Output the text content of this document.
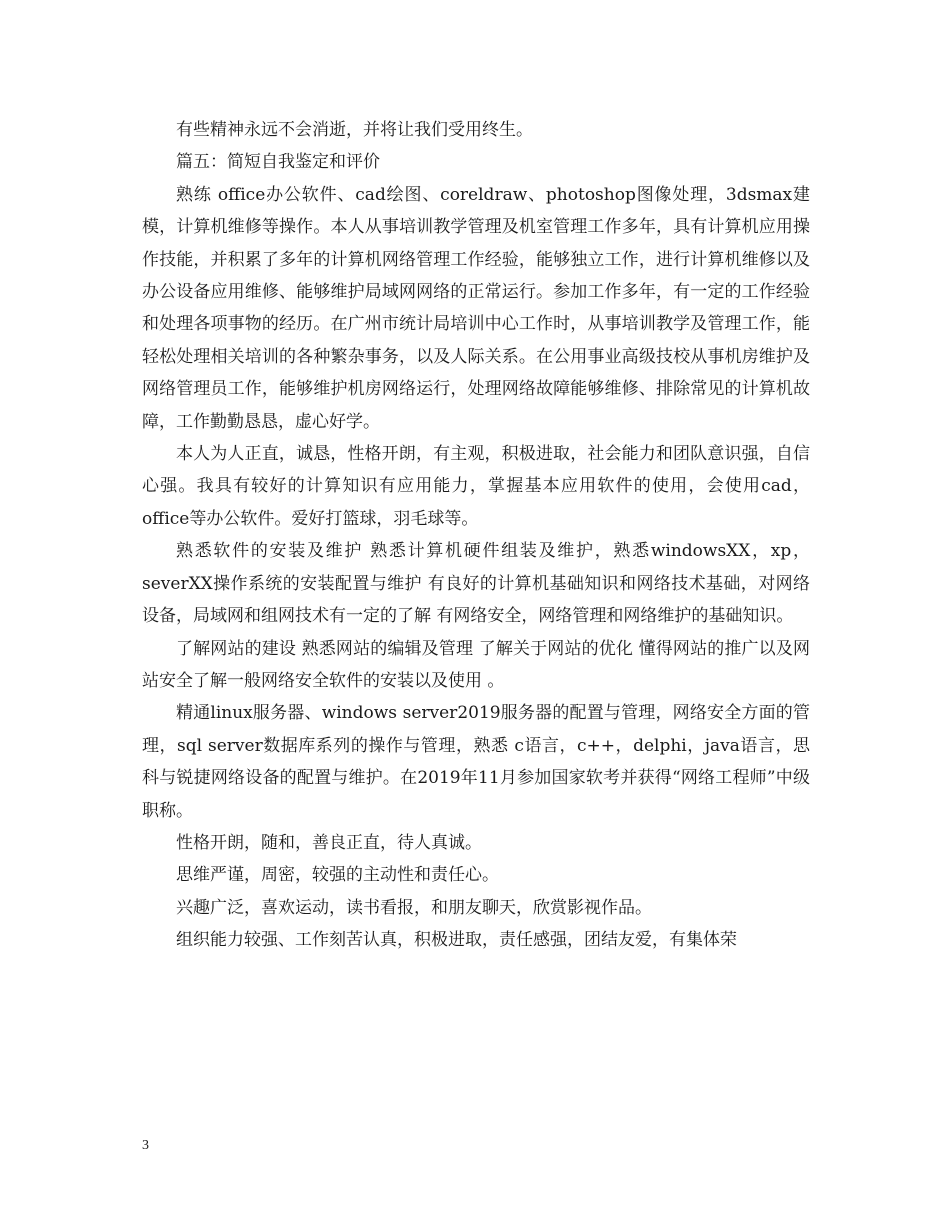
有些精神永远不会消逝，并将让我们受用终生。

篇五：简短自我鉴定和评价

熟练 office办公软件、cad绘图、coreldraw、photoshop图像处理，3dsmax建模，计算机维修等操作。本人从事培训教学管理及机室管理工作多年，具有计算机应用操作技能，并积累了多年的计算机网络管理工作经验，能够独立工作，进行计算机维修以及办公设备应用维修、能够维护局域网网络的正常运行。参加工作多年，有一定的工作经验和处理各项事物的经历。在广州市统计局培训中心工作时，从事培训教学及管理工作，能轻松处理相关培训的各种繁杂事务，以及人际关系。在公用事业高级技校从事机房维护及网络管理员工作，能够维护机房网络运行，处理网络故障能够维修、排除常见的计算机故障，工作勤勤恳恳，虚心好学。

本人为人正直，诚恳，性格开朗，有主观，积极进取，社会能力和团队意识强，自信心强。我具有较好的计算知识有应用能力，掌握基本应用软件的使用，会使用cad，office等办公软件。爱好打篮球，羽毛球等。

熟悉软件的安装及维护 熟悉计算机硬件组装及维护，熟悉windowsXX，xp，severXX操作系统的安装配置与维护 有良好的计算机基础知识和网络技术基础，对网络设备，局域网和组网技术有一定的了解 有网络安全，网络管理和网络维护的基础知识。

了解网站的建设 熟悉网站的编辑及管理 了解关于网站的优化 懂得网站的推广以及网站安全了解一般网络安全软件的安装以及使用 。

精通linux服务器、windows server2019服务器的配置与管理，网络安全方面的管理，sql server数据库系列的操作与管理，熟悉 c语言，c++，delphi，java语言，思科与锐捷网络设备的配置与维护。在2019年11月参加国家软考并获得“网络工程师”中级职称。

性格开朗，随和，善良正直，待人真诚。

思维严谨，周密，较强的主动性和责任心。

兴趣广泛，喜欢运动，读书看报，和朋友聊天，欣赏影视作品。

组织能力较强、工作刻苦认真，积极进取，责任感强，团结友爱，有集体荣

3
